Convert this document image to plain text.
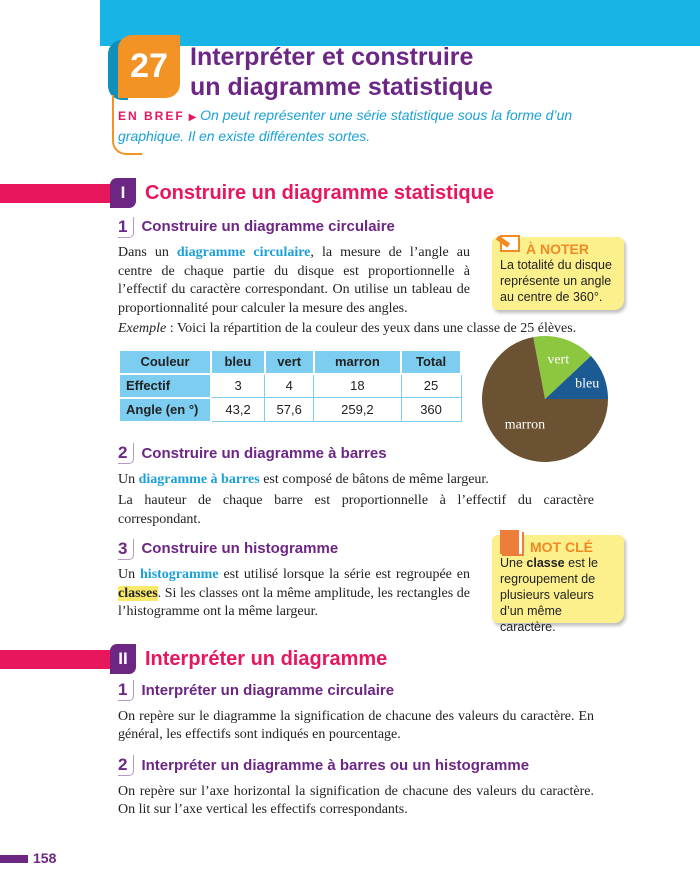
27 Interpréter et construire
un diagramme statistique
EN BREF ▶ On peut représenter une série statistique sous la forme d’un graphique. Il en existe différentes sortes.
À NOTER
La totalité du disque représente un angle au centre de 360°.
bleu
vert
marron
MOT CLÉ
Une classe est le regroupement de plusieurs valeurs d’un même caractère.
I Construire un diagramme statistique
1 Construire un diagramme circulaire
Dans un diagramme circulaire, la mesure de l’angle au centre de chaque partie du disque est proportionnelle à l’effectif du caractère correspondant. On utilise un tableau de proportionnalité pour calculer la mesure des angles.
Exemple : Voici la répartition de la couleur des yeux dans une classe de 25 élèves.
Couleur	bleu	vert	marron	Total
Effectif	3	4	18	25
Angle (en °)	43,2	57,6	259,2	360
2 Construire un diagramme à barres
Un diagramme à barres est composé de bâtons de même largeur.
La hauteur de chaque barre est proportionnelle à l’effectif du caractère correspondant.
3 Construire un histogramme
Un histogramme est utilisé lorsque la série est regroupée en classes. Si les classes ont la même amplitude, les rectangles de l’histogramme ont la même largeur.
II Interpréter un diagramme
1 Interpréter un diagramme circulaire
On repère sur le diagramme la signification de chacune des valeurs du caractère. En général, les effectifs sont indiqués en pourcentage.
2 Interpréter un diagramme à barres ou un histogramme
On repère sur l’axe horizontal la signification de chacune des valeurs du caractère. On lit sur l’axe vertical les effectifs correspondants.
158
